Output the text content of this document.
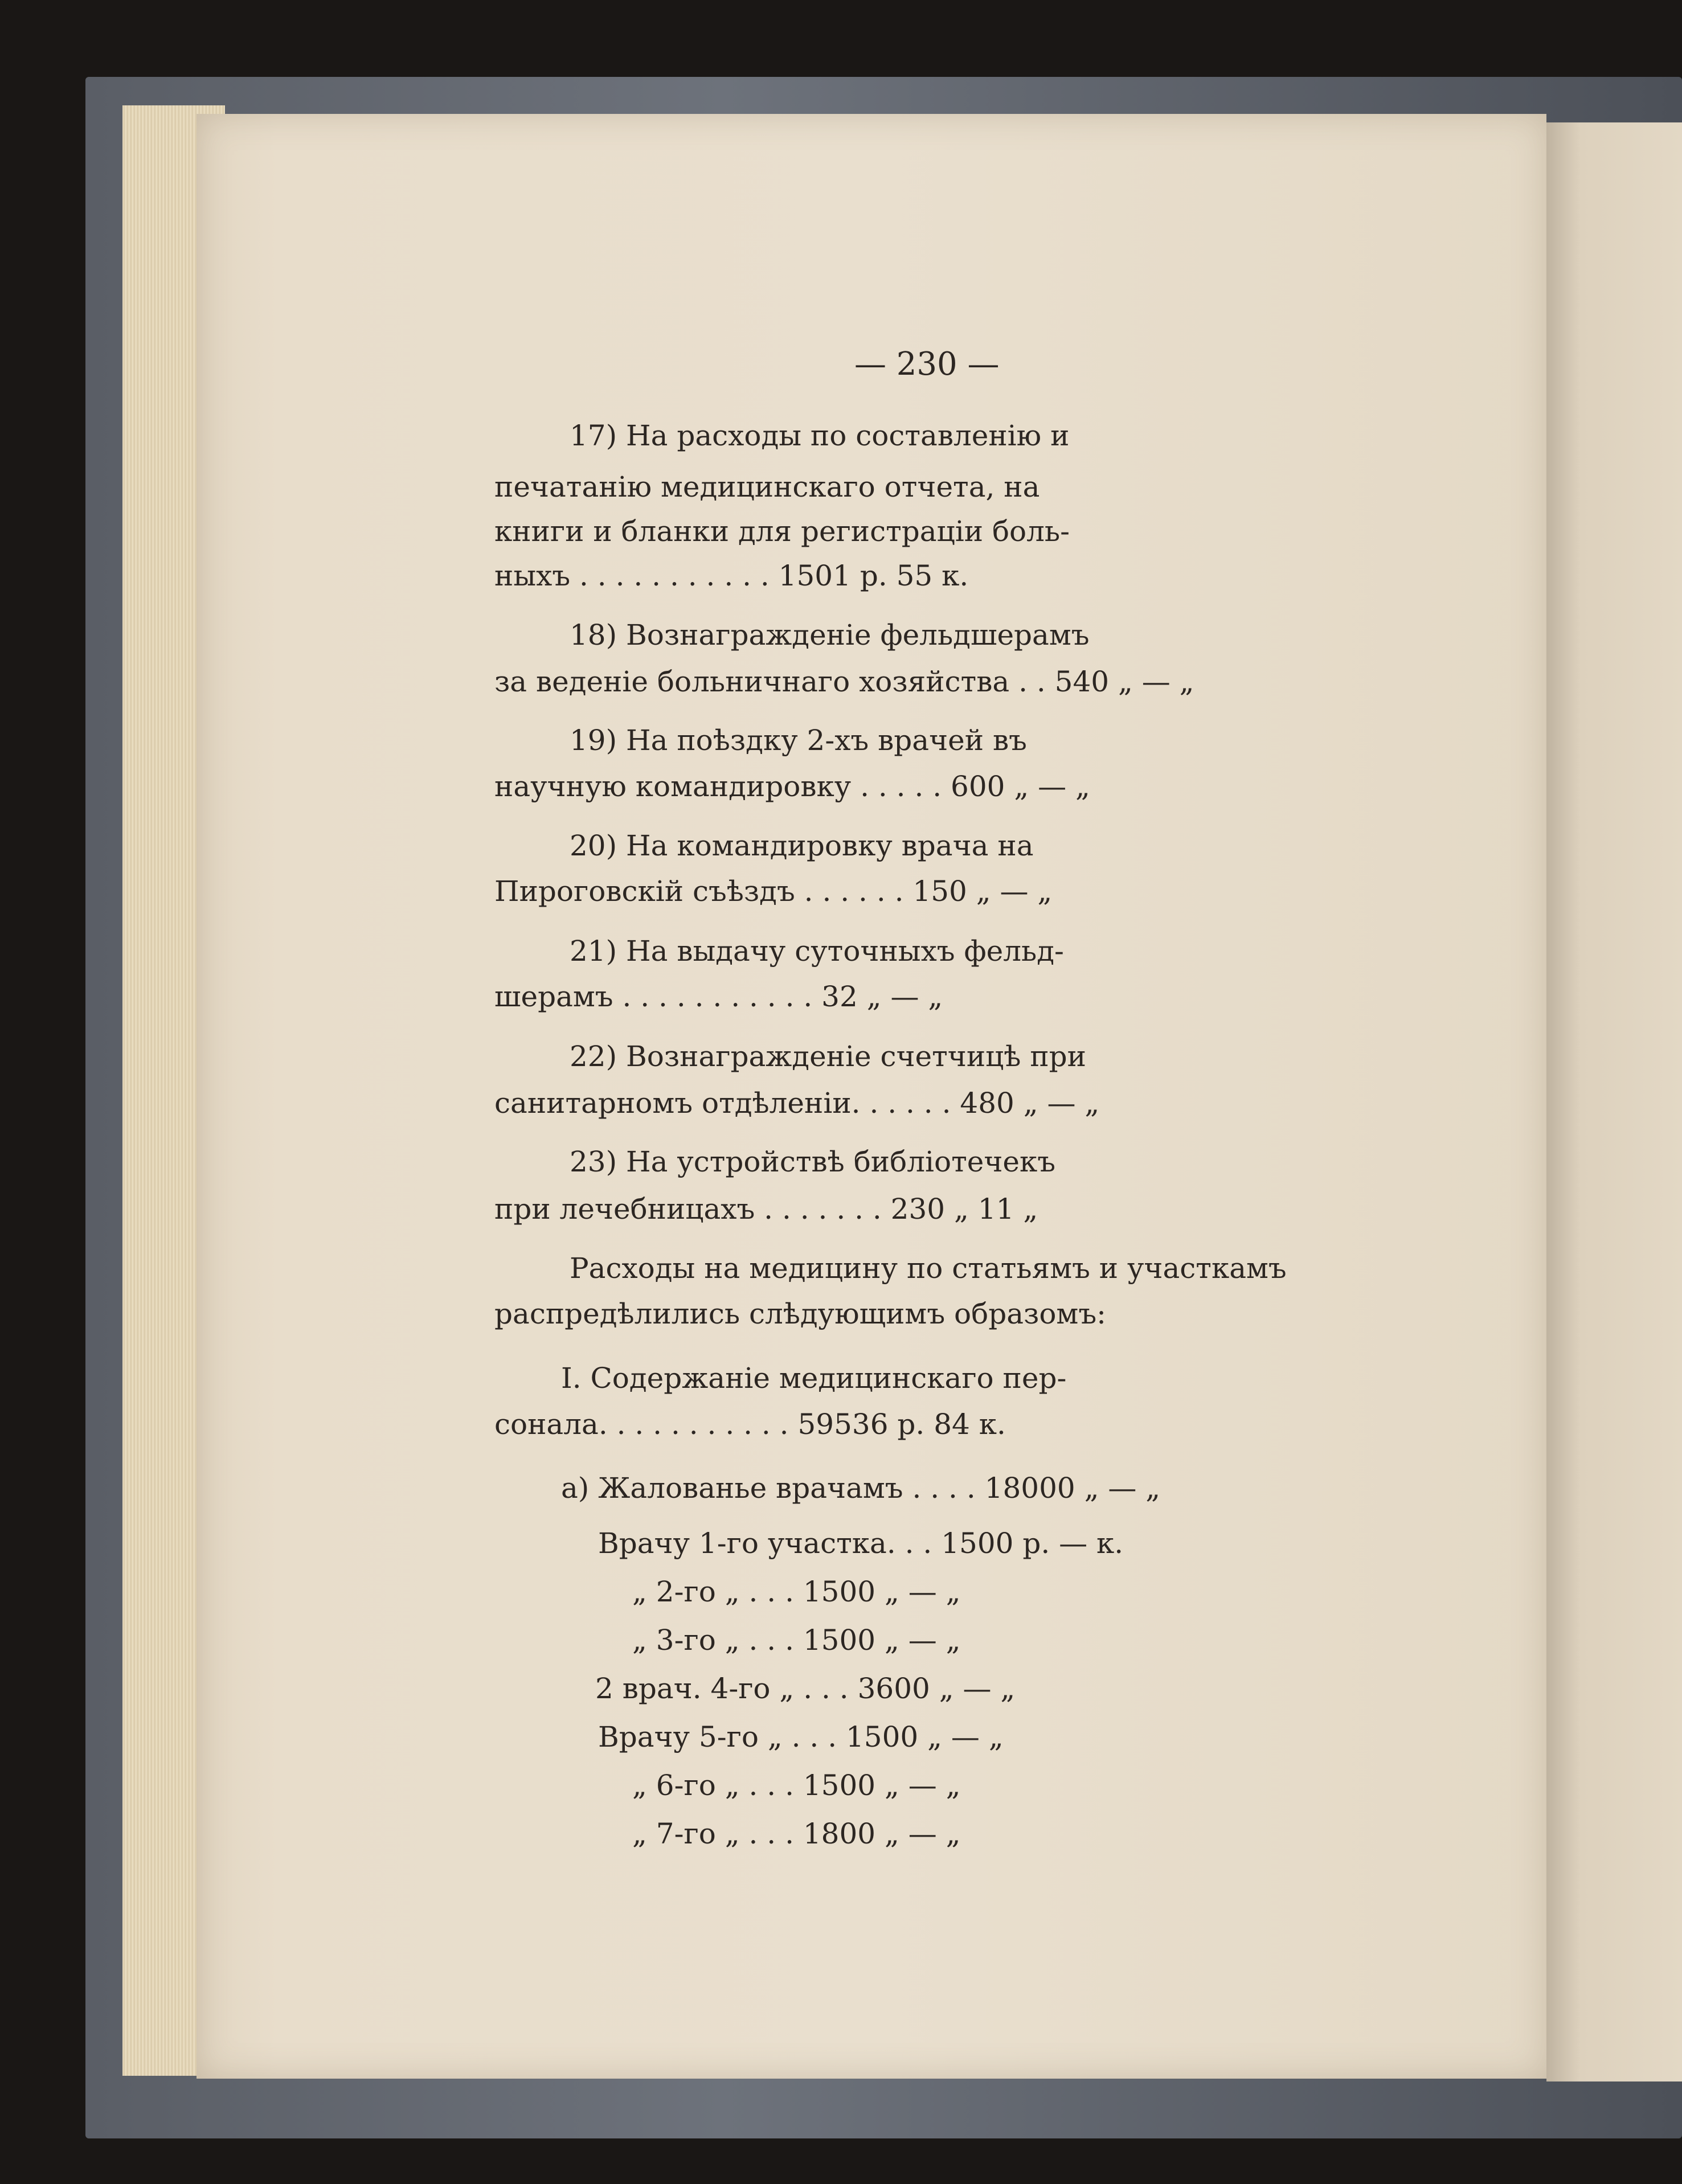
— 230 —
17) На расходы по составленію и
печатанію медицинскаго отчета, на
книги и бланки для регистраціи боль-
ныхъ . . . . . . . . . . . 1501 р. 55 к.
18) Вознагражденіе фельдшерамъ
за веденіе больничнаго хозяйства . . 540 „ — „
19) На поѣздку 2-хъ врачей въ
научную командировку . . . . . 600 „ — „
20) На командировку врача на
Пироговскій съѣздъ . . . . . . 150 „ — „
21) На выдачу суточныхъ фельд-
шерамъ . . . . . . . . . . . 32 „ — „
22) Вознагражденіе счетчицѣ при
санитарномъ отдѣленіи. . . . . . 480 „ — „
23) На устройствѣ библіотечекъ
при лечебницахъ . . . . . . . 230 „ 11 „
Расходы на медицину по статьямъ и участкамъ
распредѣлились слѣдующимъ образомъ:
I. Содержаніе медицинскаго пер-
сонала. . . . . . . . . . . 59536 р. 84 к.
а) Жалованье врачамъ . . . . 18000 „ — „
Врачу 1-го участка. . . 1500 р. — к.
„ 2-го „ . . . 1500 „ — „
„ 3-го „ . . . 1500 „ — „
2 врач. 4-го „ . . . 3600 „ — „
Врачу 5-го „ . . . 1500 „ — „
„ 6-го „ . . . 1500 „ — „
„ 7-го „ . . . 1800 „ — „
